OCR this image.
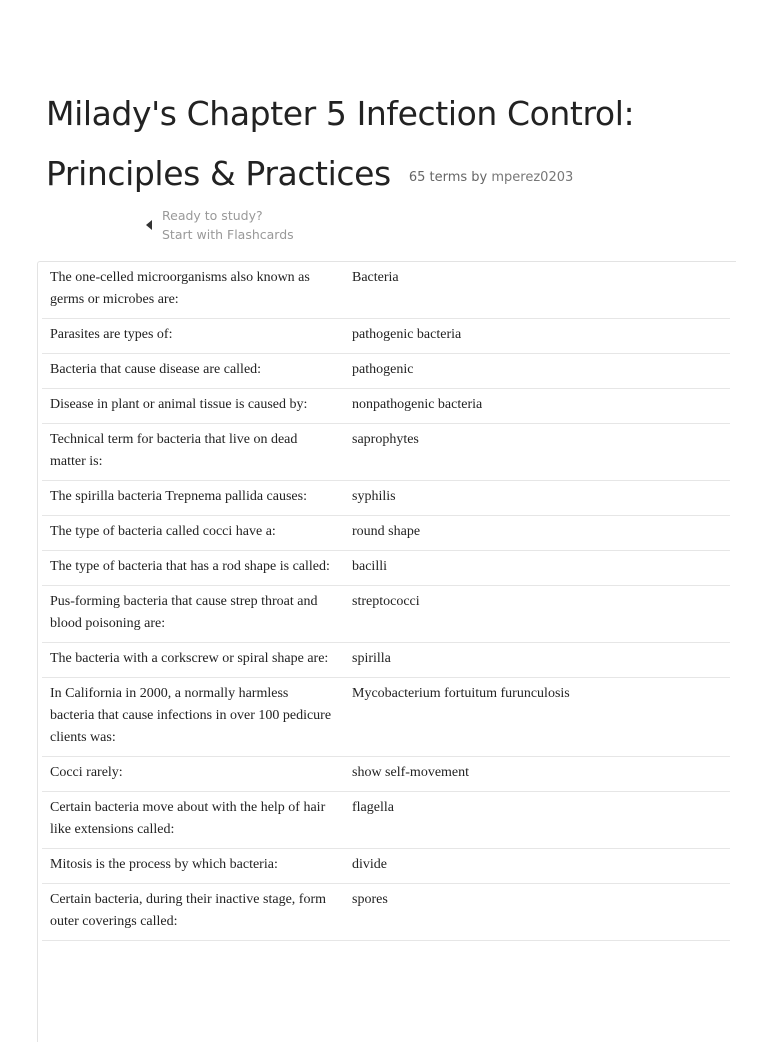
Milady's Chapter 5 Infection Control:
Principles & Practices 65 terms by mperez0203
Ready to study?
Start with Flashcards
The one-celled microorganisms also known as germs or microbes are:	Bacteria
Parasites are types of:	pathogenic bacteria
Bacteria that cause disease are called:	pathogenic
Disease in plant or animal tissue is caused by:	nonpathogenic bacteria
Technical term for bacteria that live on dead matter is:	saprophytes
The spirilla bacteria Trepnema pallida causes:	syphilis
The type of bacteria called cocci have a:	round shape
The type of bacteria that has a rod shape is called:	bacilli
Pus-forming bacteria that cause strep throat and blood poisoning are:	streptococci
The bacteria with a corkscrew or spiral shape are:	spirilla
In California in 2000, a normally harmless bacteria that cause infections in over 100 pedicure clients was:	Mycobacterium fortuitum furunculosis
Cocci rarely:	show self-movement
Certain bacteria move about with the help of hair like extensions called:	flagella
Mitosis is the process by which bacteria:	divide
Certain bacteria, during their inactive stage, form outer coverings called:	spores
